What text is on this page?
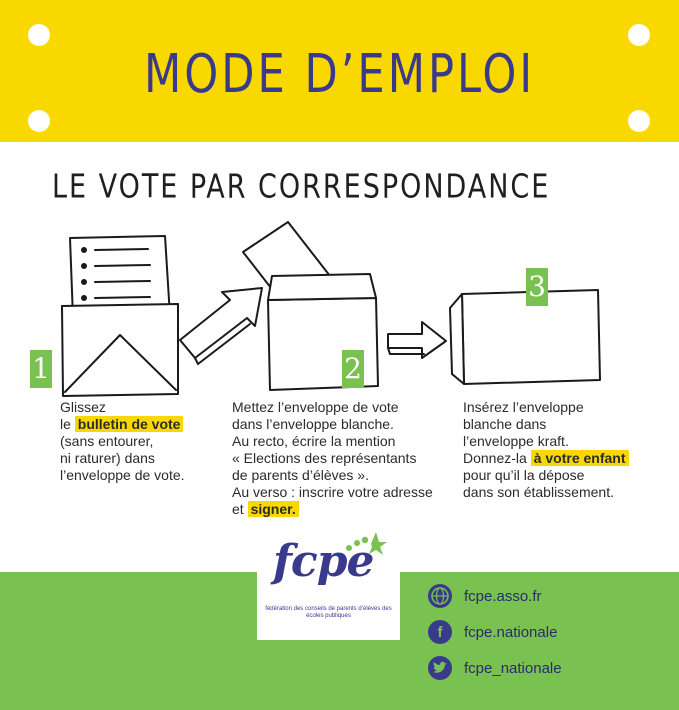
MODE D’EMPLOI
LE VOTE PAR CORRESPONDANCE
1	2
3
Glissez
le bulletin de vote
(sans entourer,
ni raturer) dans
l’enveloppe de vote.
Mettez l’enveloppe de vote
dans l’enveloppe blanche.
Au recto, écrire la mention
« Elections des représentants
de parents d’élèves ».
Au verso : inscrire votre adresse
et signer.
Insérez l’enveloppe
blanche dans
l’enveloppe kraft.
Donnez-la à votre enfant
pour qu’il la dépose
dans son établissement.
fcpe
fédération des conseils de parents d’élèves des écoles publiques
fcpe.asso.fr
f	fcpe.nationale
fcpe_nationale
